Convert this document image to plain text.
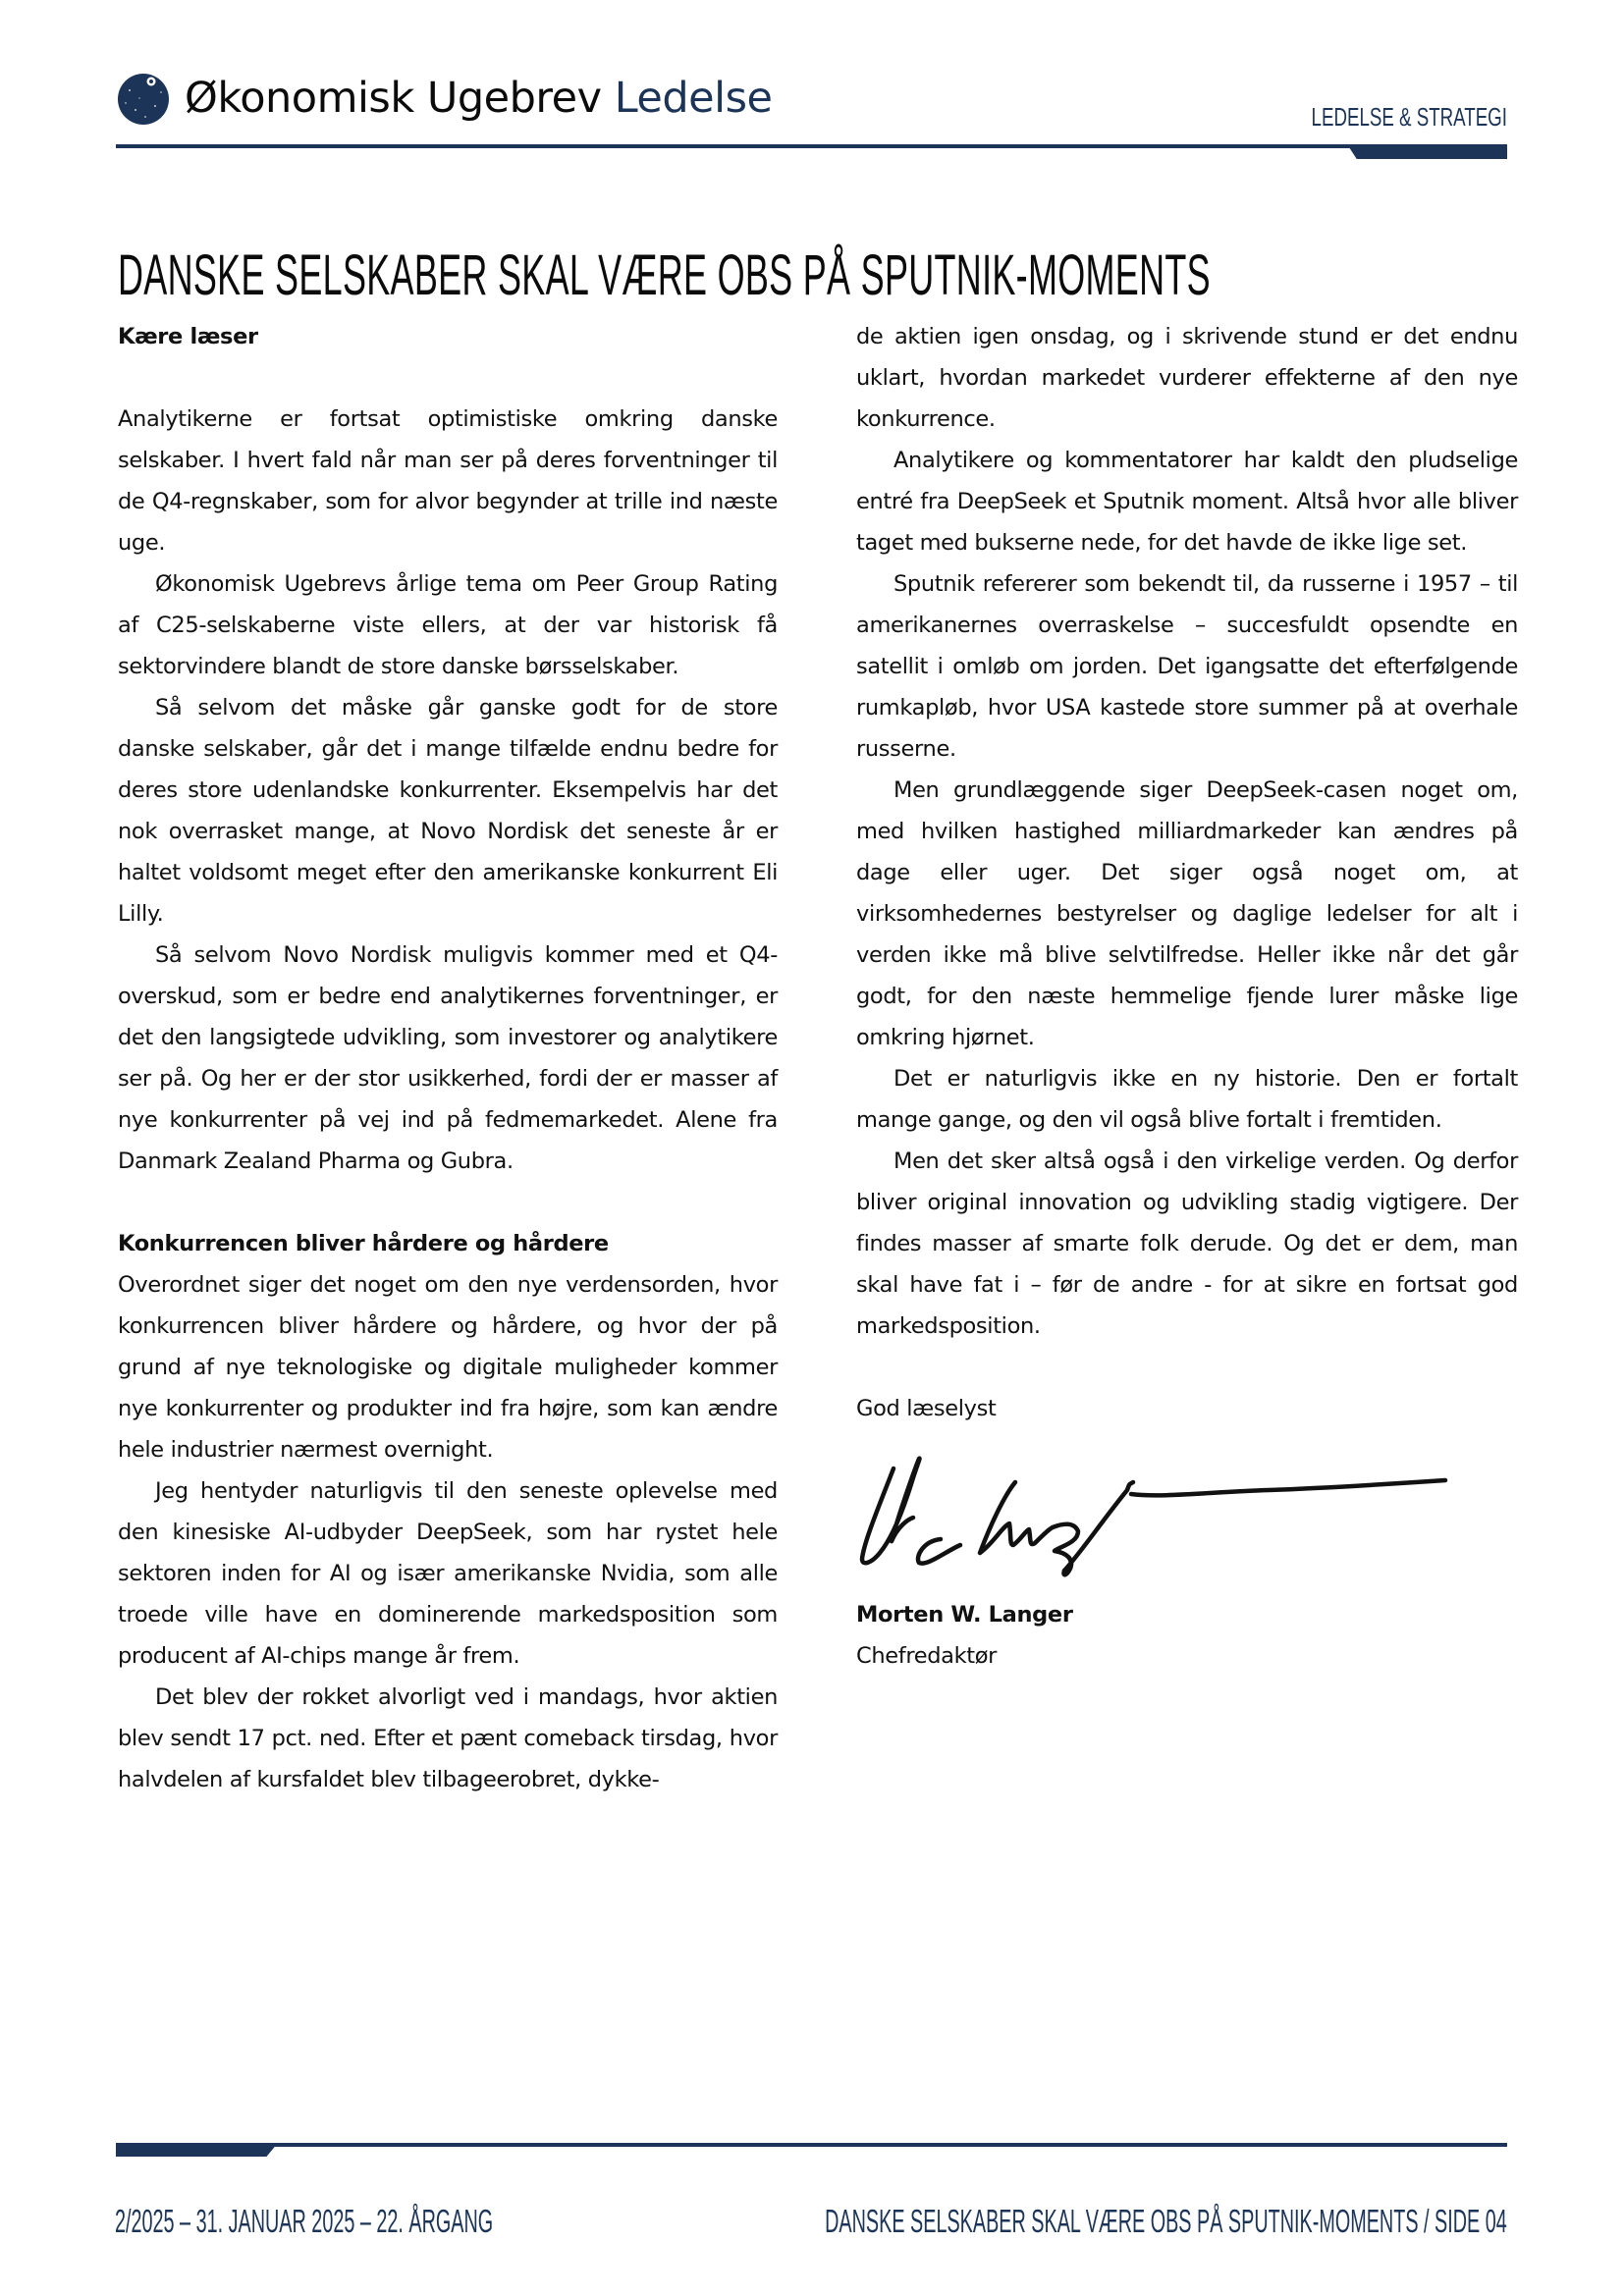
Økonomisk Ugebrev Ledelse	LEDELSE & STRATEGI
DANSKE SELSKABER SKAL VÆRE OBS PÅ SPUTNIK-MOMENTS

Kære læser

Analytikerne er fortsat optimistiske omkring danske selskaber. I hvert fald når man ser på deres forventninger til de Q4-regnskaber, som for alvor begynder at trille ind næste uge.

Økonomisk Ugebrevs årlige tema om Peer Group Rating af C25-selskaberne viste ellers, at der var historisk få sektorvindere blandt de store danske børsselskaber.

Så selvom det måske går ganske godt for de store danske selskaber, går det i mange tilfælde endnu bedre for deres store udenlandske konkurrenter. Eksempelvis har det nok overrasket mange, at Novo Nordisk det seneste år er haltet voldsomt meget efter den amerikanske konkurrent Eli Lilly.

Så selvom Novo Nordisk muligvis kommer med et Q4-overskud, som er bedre end analytikernes forventninger, er det den langsigtede udvikling, som investorer og analytikere ser på. Og her er der stor usikkerhed, fordi der er masser af nye konkurrenter på vej ind på fedmemarkedet. Alene fra Danmark Zealand Pharma og Gubra.

Konkurrencen bliver hårdere og hårdere

Overordnet siger det noget om den nye verdensorden, hvor konkurrencen bliver hårdere og hårdere, og hvor der på grund af nye teknologiske og digitale muligheder kommer nye konkurrenter og produkter ind fra højre, som kan ændre hele industrier nærmest overnight.

Jeg hentyder naturligvis til den seneste oplevelse med den kinesiske AI-udbyder DeepSeek, som har rystet hele sektoren inden for AI og især amerikanske Nvidia, som alle troede ville have en dominerende markedsposition som producent af AI-chips mange år frem.

Det blev der rokket alvorligt ved i mandags, hvor aktien blev sendt 17 pct. ned. Efter et pænt comeback tirsdag, hvor halvdelen af kursfaldet blev tilbageerobret, dykke-

de aktien igen onsdag, og i skrivende stund er det endnu uklart, hvordan markedet vurderer effekterne af den nye konkurrence.

Analytikere og kommentatorer har kaldt den pludselige entré fra DeepSeek et Sputnik moment. Altså hvor alle bliver taget med bukserne nede, for det havde de ikke lige set.

Sputnik refererer som bekendt til, da russerne i 1957 – til amerikanernes overraskelse – succesfuldt opsendte en satellit i omløb om jorden. Det igangsatte det efterfølgende rumkapløb, hvor USA kastede store summer på at overhale russerne.

Men grundlæggende siger DeepSeek-casen noget om, med hvilken hastighed milliardmarkeder kan ændres på dage eller uger. Det siger også noget om, at virksomhedernes bestyrelser og daglige ledelser for alt i verden ikke må blive selvtilfredse. Heller ikke når det går godt, for den næste hemmelige fjende lurer måske lige omkring hjørnet.

Det er naturligvis ikke en ny historie. Den er fortalt mange gange, og den vil også blive fortalt i fremtiden.

Men det sker altså også i den virkelige verden. Og derfor bliver original innovation og udvikling stadig vigtigere. Der findes masser af smarte folk derude. Og det er dem, man skal have fat i – før de andre - for at sikre en fortsat god markedsposition.

God læselyst

Morten W. Langer

Chefredaktør

2/2025 – 31. JANUAR 2025 – 22. ÅRGANG	DANSKE SELSKABER SKAL VÆRE OBS PÅ SPUTNIK-MOMENTS / SIDE 04
